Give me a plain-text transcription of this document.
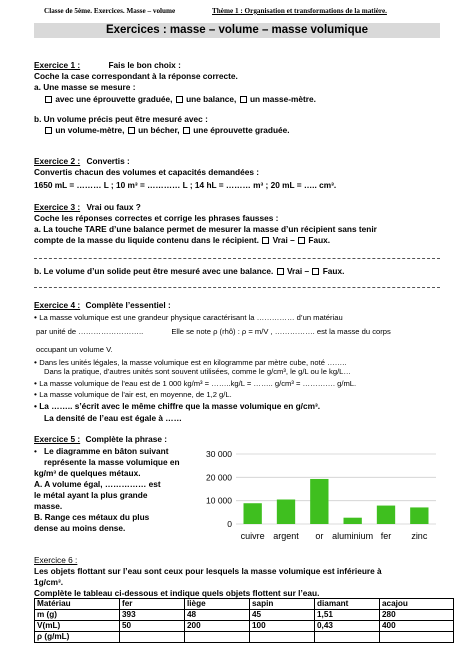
Classe de 5ème. Exercices. Masse – volume	Thème 1 : Organisation et transformations de la matière.
Exercices : masse – volume – masse volumique
Exercice 1 :	Fais le bon choix :
Coche la case correspondant à la réponse correcte.
a. Une masse se mesure :
avec une éprouvette graduée, une balance, un masse-mètre.
b. Un volume précis peut être mesuré avec :
un volume-mètre, un bécher, une éprouvette graduée.
Exercice 2 : Convertis :
Convertis chacun des volumes et capacités demandées :
1650 mL = ……… L ; 10 m³ = ………… L ; 14 hL = ……… m³ ; 20 mL = ….. cm³.
Exercice 3 : Vrai ou faux ?
Coche les réponses correctes et corrige les phrases fausses :
a. La touche TARE d’une balance permet de mesurer la masse d’un récipient sans tenir
compte de la masse du liquide contenu dans le récipient. Vrai – Faux.
b. Le volume d’un solide peut être mesuré avec une balance. Vrai – Faux.
Exercice 4 : Complète l’essentiel :
• La masse volumique est une grandeur physique caractérisant la …………… d’un matériau
par unité de ……………………..	Elle se note ρ (rhô) : ρ = m/V , ……………. est la masse du corps
occupant un volume V.
• Dans les unités légales, la masse volumique est en kilogramme par mètre cube, noté ……..
Dans la pratique, d’autres unités sont souvent utilisées, comme le g/cm³, le g/L ou le kg/L…
• La masse volumique de l’eau est de 1 000 kg/m³ = ……..kg/L = …….. g/cm³ = …………. g/mL.
• La masse volumique de l’air est, en moyenne, de 1,2 g/L.
• La …….. s’écrit avec le même chiffre que la masse volumique en g/cm³.
La densité de l’eau est égale à ……
Exercice 5 : Complète la phrase :
• Le diagramme en bâton suivant
représente la masse volumique en
kg/m³ de quelques métaux.
A. A volume égal, …………… est
le métal ayant la plus grande
masse.
B. Range ces métaux du plus
dense au moins dense.
30 000
20 000
10 000
0
cuivre argent or aluminium fer zinc
Exercice 6 :
Les objets flottant sur l’eau sont ceux pour lesquels la masse volumique est inférieure à
1g/cm³.
Complète le tableau ci-dessous et indique quels objets flottent sur l’eau.
Matériau	fer	liège	sapin	diamant	acajou
m (g)	393	48	45	1,51	280
V(mL)	50	200	100	0,43	400
ρ (g/mL)					
